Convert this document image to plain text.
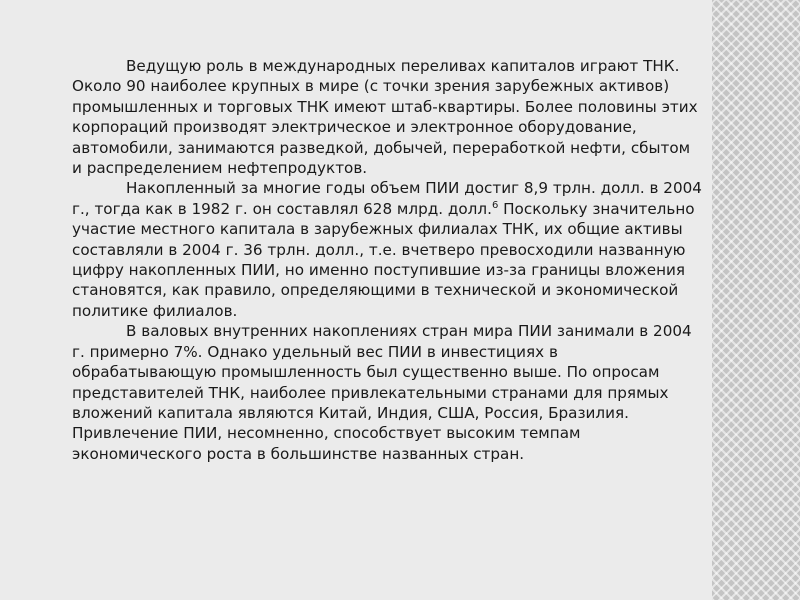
Ведущую роль в международных переливах капиталов играют ТНК. Около 90 наиболее крупных в мире (с точки зрения зарубежных активов) промышленных и торговых ТНК имеют штаб-квартиры. Более половины этих корпораций производят электрическое и электронное оборудование, автомобили, занимаются разведкой, добычей, переработкой нефти, сбытом и распределением нефтепродуктов.

Накопленный за многие годы объем ПИИ достиг 8,9 трлн. долл. в 2004 г., тогда как в 1982 г. он составлял 628 млрд. долл.$^6$ Поскольку значительно участие местного капитала в зарубежных филиалах ТНК, их общие активы составляли в 2004 г. 36 трлн. долл., т.е. вчетверо превосходили названную цифру накопленных ПИИ, но именно поступившие из-за границы вложения становятся, как правило, определяющими в технической и экономической политике филиалов.

В валовых внутренних накоплениях стран мира ПИИ занимали в 2004 г. примерно 7%. Однако удельный вес ПИИ в инвестициях в обрабатывающую промышленность был существенно выше. По опросам представителей ТНК, наиболее привлекательными странами для прямых вложений капитала являются Китай, Индия, США, Россия, Бразилия. Привлечение ПИИ, несомненно, способствует высоким темпам экономического роста в большинстве названных стран.
